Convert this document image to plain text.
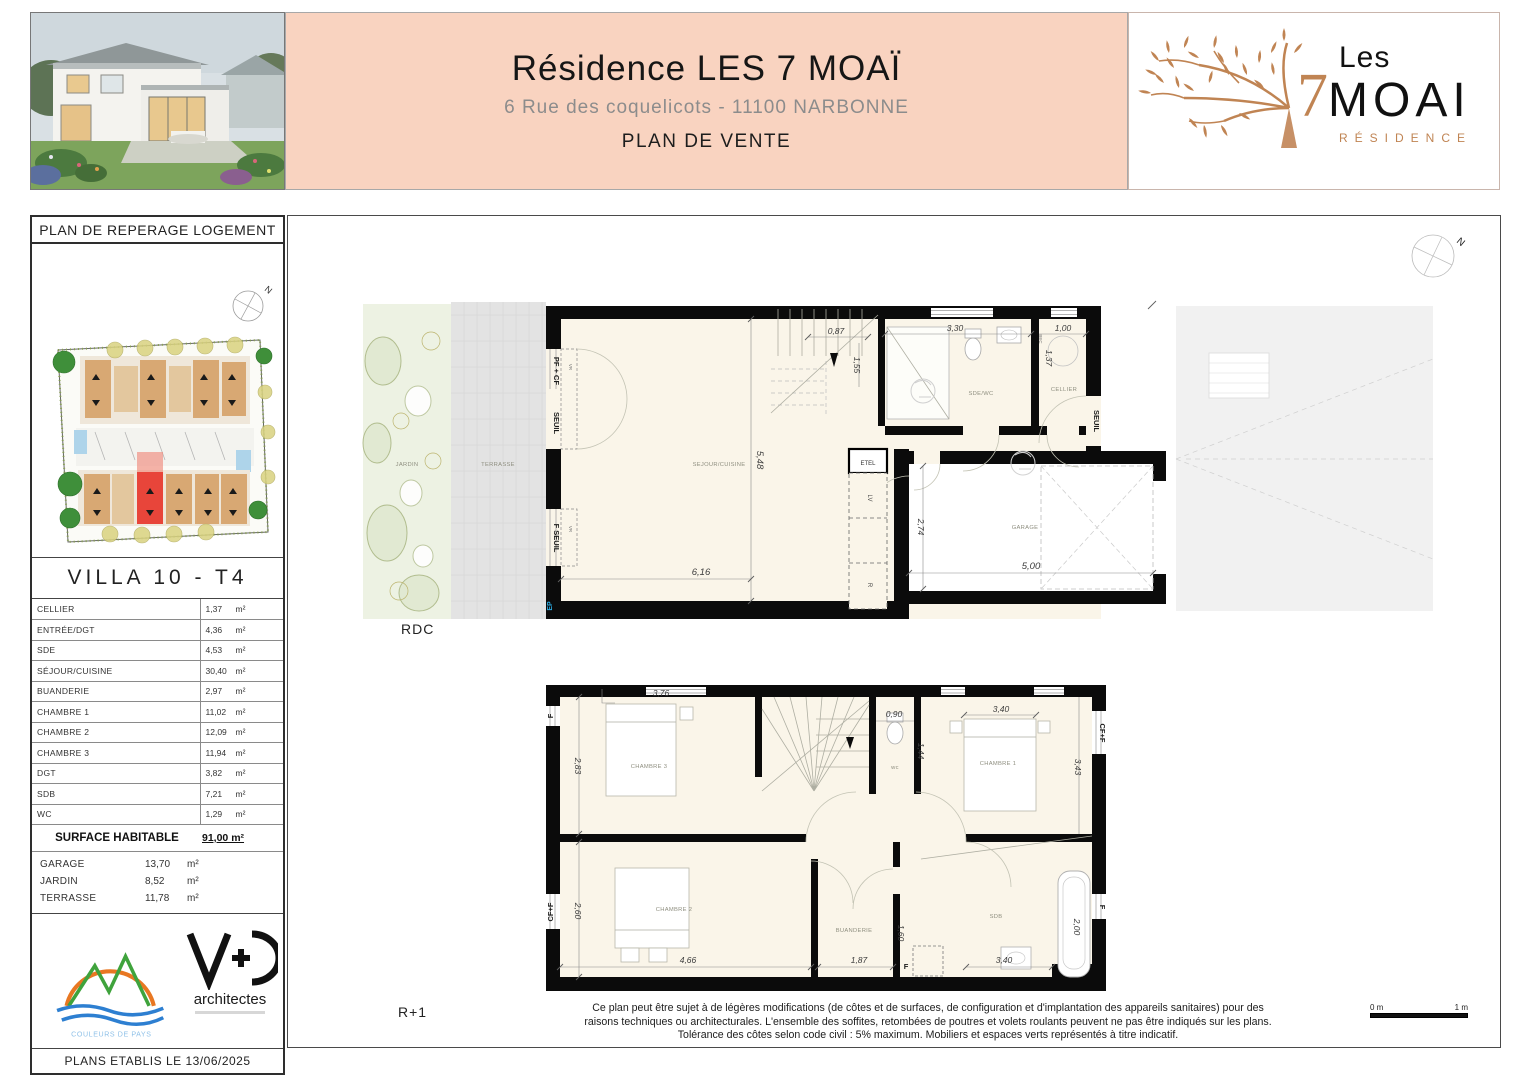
Résidence LES 7 MOAÏ
6 Rue des coquelicots - 11100 NARBONNE
PLAN DE VENTE
Les
7 MOAI
RÉSIDENCE
PLAN DE REPERAGE LOGEMENT
N
VILLA 10 - T4
CELLIER	1,37 m²
ENTRÉE/DGT	4,36 m²
SDE	4,53 m²
SÉJOUR/CUISINE	30,40 m²
BUANDERIE	2,97 m²
CHAMBRE 1	11,02 m²
CHAMBRE 2	12,09 m²
CHAMBRE 3	11,94 m²
DGT	3,82 m²
SDB	7,21 m²
WC	1,29 m²
SURFACE HABITABLE	91,00 m²
GARAGE	13,70	m²
JARDIN	8,52	m²
TERRASSE	11,78	m²
COULEURS DE PAYS
architectes
PLANS ETABLIS LE 13/06/2025
N
JARDIN	TERRASSE
VR
VR
SDE/WC
CELLIER
ETEL
LV
R
GARAGE
SEJOUR/CUISINE
PF + CF
SEUIL
F SEUIL
SEUIL
EP
BEC
0,87
1,55
3,30	1,00
1,37
5,48
6,16
2,74
5,00
wc
0,90
1,44
CHAMBRE 3
3,76
2,83	CHAMBRE 1
3,40
3,43
CHAMBRE 2
2,60
4,66
BUANDERIE
1,87
1,60
F
SDB
3,40
2,00
CF+F
F
CF+F
F
RDC
R+1	Ce plan peut être sujet à de légères modifications (de côtes et de surfaces, de configuration et d'implantation des appareils sanitaires) pour des
raisons techniques ou architecturales. L'ensemble des soffites, retombées de poutres et volets roulants peuvent ne pas être indiqués sur les plans.
Tolérance des côtes selon code civil : 5% maximum. Mobiliers et espaces verts représentés à titre indicatif.
0 m	1 m
